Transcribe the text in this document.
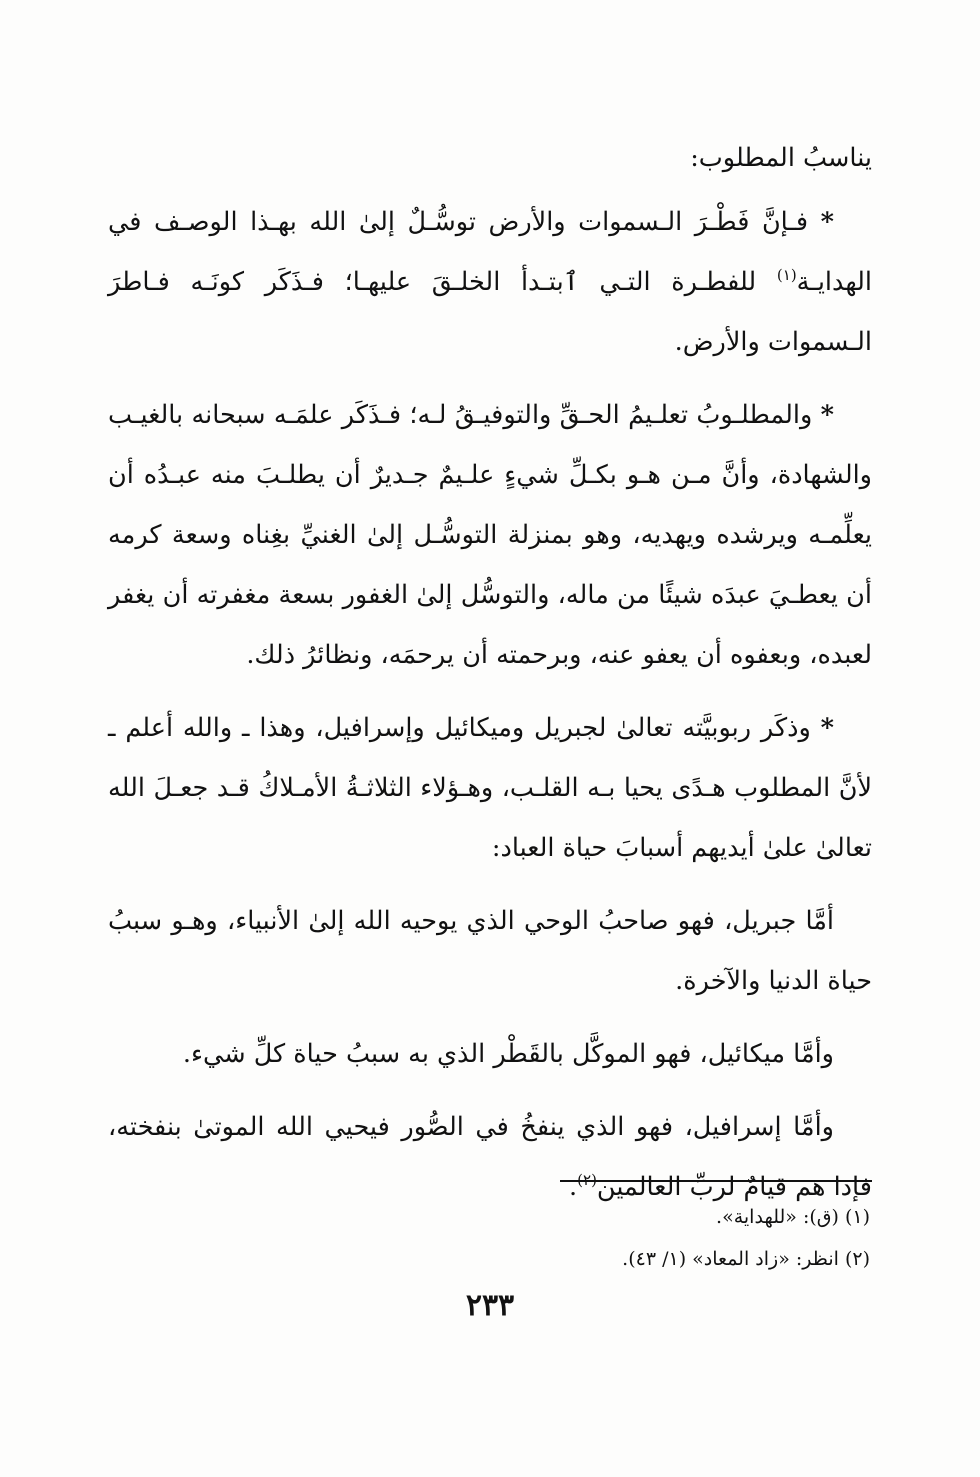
يناسبُ المطلوب:

* فـإنَّ فَطْـرَ الـسموات والأرض توسُّـلٌ إلىٰ الله بهـذا الوصـف في الهدايـة$^{(١)}$ للفطـرة التـي ٱبتـدأ الخلـقَ عليهـا؛ فـذَكَر كونَـه فـاطرَ الـسموات والأرض.

* والمطلـوبُ تعلـيمُ الحـقِّ والتوفيـقُ لـه؛ فـذَكَر علمَـه سبحانه بالغيـب والشهادة، وأنَّ مـن هـو بكـلِّ شيءٍ علـيمٌ جـديرٌ أن يطلـبَ منه عبـدُه أن يعلِّمـه ويرشده ويهديه، وهو بمنزلة التوسُّـل إلىٰ الغنيِّ بغِناه وسعة كرمه أن يعطـيَ عبدَه شيئًا من ماله، والتوسُّل إلىٰ الغفور بسعة مغفرته أن يغفر لعبده، وبعفوه أن يعفو عنه، وبرحمته أن يرحمَه، ونظائرُ ذلك.

* وذكَر ربوبيَّته تعالىٰ لجبريل وميكائيل وإسرافيل، وهذا ـ والله أعلم ـ لأنَّ المطلوب هـدًى يحيا بـه القلـب، وهـؤلاء الثلاثـةُ الأمـلاكُ قـد جعـلَ الله تعالىٰ علىٰ أيديهم أسبابَ حياة العباد:

أمَّا جبريل، فهو صاحبُ الوحي الذي يوحيه الله إلىٰ الأنبياء، وهـو سببُ حياة الدنيا والآخرة.

وأمَّا ميكائيل، فهو الموكَّل بالقَطْر الذي به سببُ حياة كلِّ شيء.

وأمَّا إسرافيل، فهو الذي ينفخُ في الصُّور فيحيي الله الموتىٰ بنفخته، فإذا هم قيامٌ لربِّ العالمين$^{(٢)}$.

(١) (ق): «للهداية».
(٢) انظر: «زاد المعاد» (١/ ٤٣).
٢٣٣
